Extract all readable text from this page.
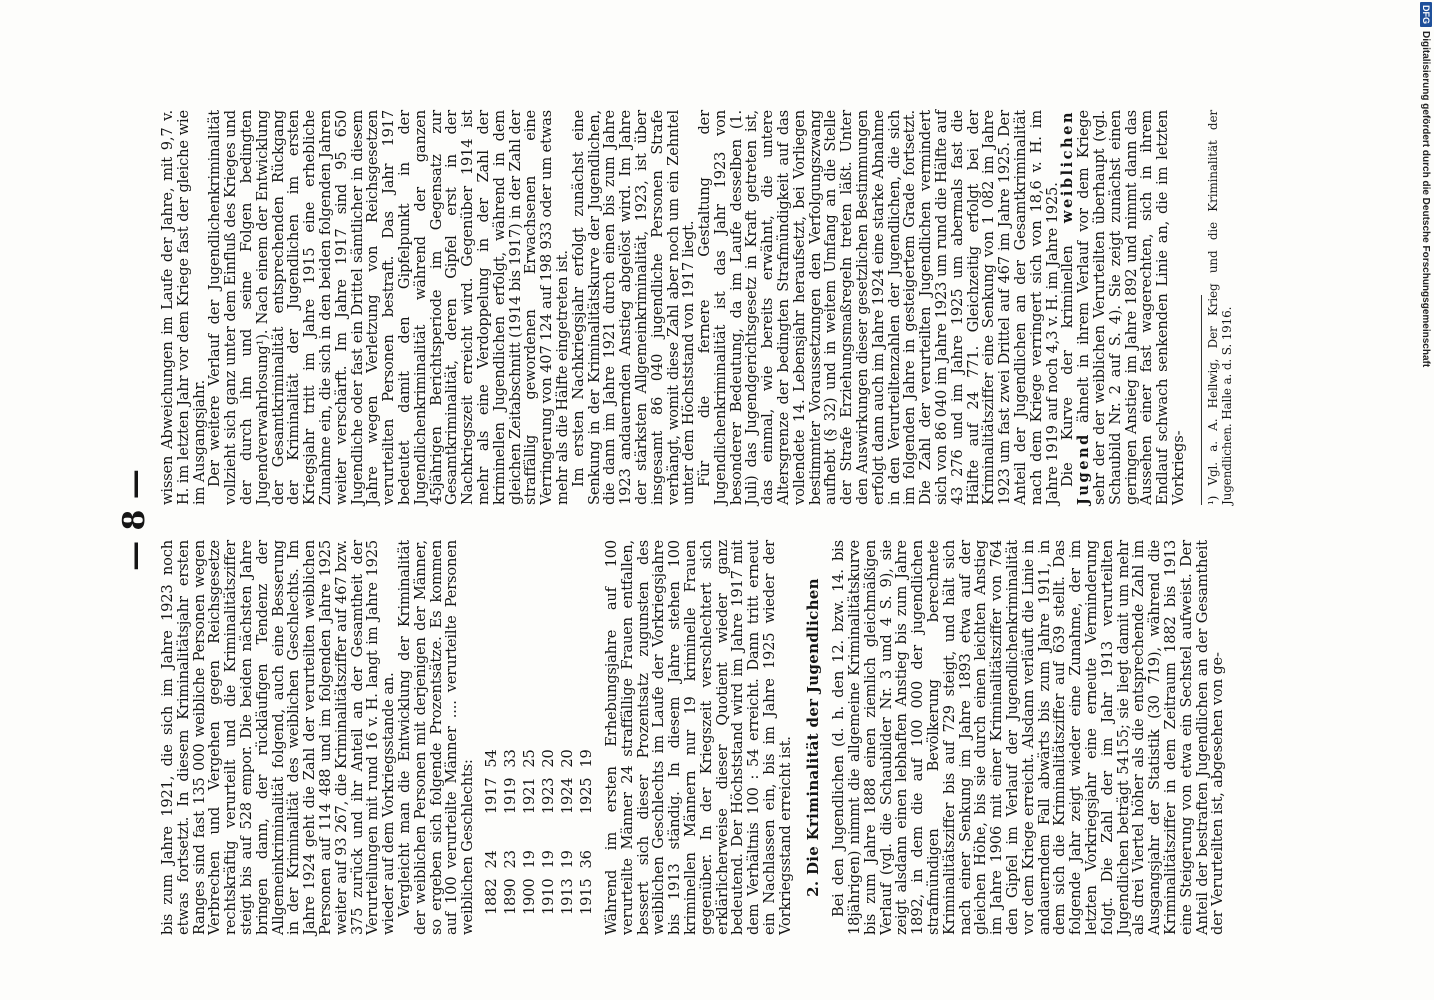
— 8 —

bis zum Jahre 1921, die sich im Jahre 1923 noch etwas fortsetzt. In diesem Kriminalitätsjahr ersten Ranges sind fast 135 000 weibliche Personen wegen Verbrechen und Vergehen gegen Reichsgesetze rechtskräftig verurteilt und die Kriminalitätsziffer steigt bis auf 528 empor. Die beiden nächsten Jahre bringen dann, der rückläufigen Tendenz der Allgemeinkriminalität folgend, auch eine Besserung in der Kriminalität des weiblichen Geschlechts. Im Jahre 1924 geht die Zahl der verurteilten weiblichen Personen auf 114 488 und im folgenden Jahre 1925 weiter auf 93 267, die Kriminalitätsziffer auf 467 bzw. 375 zurück und ihr Anteil an der Gesamtheit der Verurteilungen mit rund 16 v. H. langt im Jahre 1925 wieder auf dem Vorkriegsstande an.

Vergleicht man die Entwicklung der Kriminalität der weiblichen Personen mit derjenigen der Männer, so ergeben sich folgende Prozentsätze. Es kommen auf 100 verurteilte Männer .... verurteilte Personen weiblichen Geschlechts: 1882	24	1917	54
1890	23	1919	33
1900	19	1921	25
1910	19	1923	20
1913	19	1924	20
1915	36	1925	19 Während im ersten Erhebungsjahre auf 100 verurteilte Männer 24 straffällige Frauen entfallen, bessert sich dieser Prozentsatz zugunsten des weiblichen Geschlechts im Laufe der Vorkriegsjahre bis 1913 ständig. In diesem Jahre stehen 100 kriminellen Männern nur 19 kriminelle Frauen gegenüber. In der Kriegszeit verschlechtert sich erklärlicherweise dieser Quotient wieder ganz bedeutend. Der Höchststand wird im Jahre 1917 mit dem Verhältnis 100 : 54 erreicht. Dann tritt erneut ein Nachlassen ein, bis im Jahre 1925 wieder der Vorkriegsstand erreicht ist. 2. Die Kriminalität der Jugendlichen Bei den Jugendlichen (d. h. den 12. bzw. 14. bis 18jährigen) nimmt die allgemeine Kriminalitätskurve bis zum Jahre 1888 einen ziemlich gleichmäßigen Verlauf (vgl. die Schaubilder Nr. 3 und 4 S. 9), sie zeigt alsdann einen lebhaften Anstieg bis zum Jahre 1892, in dem die auf 100 000 der jugendlichen strafmündigen Bevölkerung berechnete Kriminalitätsziffer bis auf 729 steigt, und hält sich nach einer Senkung im Jahre 1893 etwa auf der gleichen Höhe, bis sie durch einen leichten Anstieg im Jahre 1906 mit einer Kriminalitätsziffer von 764 den Gipfel im Verlauf der Jugendlichenkriminalität vor dem Kriege erreicht. Alsdann verläuft die Linie in andauerndem Fall abwärts bis zum Jahre 1911, in dem sich die Kriminalitätsziffer auf 639 stellt. Das folgende Jahr zeigt wieder eine Zunahme, der im letzten Vorkriegsjahr eine erneute Verminderung folgt. Die Zahl der im Jahr 1913 verurteilten Jugendlichen beträgt 54155; sie liegt damit um mehr als drei Viertel höher als die entsprechende Zahl im Ausgangsjahr der Statistik (30 719), während die Kriminalitätsziffer in dem Zeitraum 1882 bis 1913 eine Steigerung von etwa ein Sechstel aufweist. Der Anteil der bestraften Jugendlichen an der Gesamtheit der Verurteilten ist, abgesehen von ge-

wissen Abweichungen im Laufe der Jahre, mit 9,7 v. H. im letzten Jahr vor dem Kriege fast der gleiche wie im Ausgangsjahr.

Der weitere Verlauf der Jugendlichenkriminalität vollzieht sich ganz unter dem Einfluß des Krieges und der durch ihn und seine Folgen bedingten Jugendverwahrlosung¹). Nach einem der Entwicklung der Gesamtkriminalität entsprechenden Rückgang der Kriminalität der Jugendlichen im ersten Kriegsjahr tritt im Jahre 1915 eine erhebliche Zunahme ein, die sich in den beiden folgenden Jahren weiter verschärft. Im Jahre 1917 sind 95 650 Jugendliche oder fast ein Drittel sämtlicher in diesem Jahre wegen Verletzung von Reichsgesetzen verurteilten Personen bestraft. Das Jahr 1917 bedeutet damit den Gipfelpunkt in der Jugendlichenkriminalität während der ganzen 45jährigen Berichtsperiode im Gegensatz zur Gesamtkriminalität, deren Gipfel erst in der Nachkriegszeit erreicht wird. Gegenüber 1914 ist mehr als eine Verdoppelung in der Zahl der kriminellen Jugendlichen erfolgt, während in dem gleichen Zeitabschnitt (1914 bis 1917) in der Zahl der straffällig gewordenen Erwachsenen eine Verringerung von 407 124 auf 198 933 oder um etwas mehr als die Hälfte eingetreten ist.

Im ersten Nachkriegsjahr erfolgt zunächst eine Senkung in der Kriminalitätskurve der Jugendlichen, die dann im Jahre 1921 durch einen bis zum Jahre 1923 andauernden Anstieg abgelöst wird. Im Jahre der stärksten Allgemeinkriminalität, 1923, ist über insgesamt 86 040 jugendliche Personen Strafe verhängt, womit diese Zahl aber noch um ein Zehntel unter dem Höchststand von 1917 liegt.

Für die fernere Gestaltung der Jugendlichenkriminalität ist das Jahr 1923 von besonderer Bedeutung, da im Laufe desselben (1. Juli) das Jugendgerichtsgesetz in Kraft getreten ist, das einmal, wie bereits erwähnt, die untere Altersgrenze der bedingten Strafmündigkeit auf das vollendete 14. Lebensjahr heraufsetzt, bei Vorliegen bestimmter Voraussetzungen den Verfolgungszwang aufhebt (§ 32) und in weitem Umfang an die Stelle der Strafe Erziehungsmaßregeln treten läßt. Unter den Auswirkungen dieser gesetzlichen Bestimmungen erfolgt dann auch im Jahre 1924 eine starke Abnahme in den Verurteiltenzahlen der Jugendlichen, die sich im folgenden Jahre in gesteigertem Grade fortsetzt. Die Zahl der verurteilten Jugendlichen vermindert sich von 86 040 im Jahre 1923 um rund die Hälfte auf 43 276 und im Jahre 1925 um abermals fast die Hälfte auf 24 771. Gleichzeitig erfolgt bei der Kriminalitätsziffer eine Senkung von 1 082 im Jahre 1923 um fast zwei Drittel auf 467 im Jahre 1925. Der Anteil der Jugendlichen an der Gesamtkriminalität nach dem Kriege verringert sich von 18,6 v. H. im Jahre 1919 auf noch 4,3 v. H. im Jahre 1925.

Die Kurve der kriminellen weiblichen Jugend ähnelt in ihrem Verlauf vor dem Kriege sehr der der weiblichen Verurteilten überhaupt (vgl. Schaubild Nr. 2 auf S. 4). Sie zeigt zunächst einen geringen Anstieg im Jahre 1892 und nimmt dann das Aussehen einer fast wagerechten, sich in ihrem Endlauf schwach senkenden Linie an, die im letzten Vorkriegs- ¹) Vgl. a. A. Hellwig, Der Krieg und die Kriminalität der Jugendlichen. Halle a. d. S. 1916.
DFGDigitalisierung gefördert durch die Deutsche Forschungsgemeinschaft
